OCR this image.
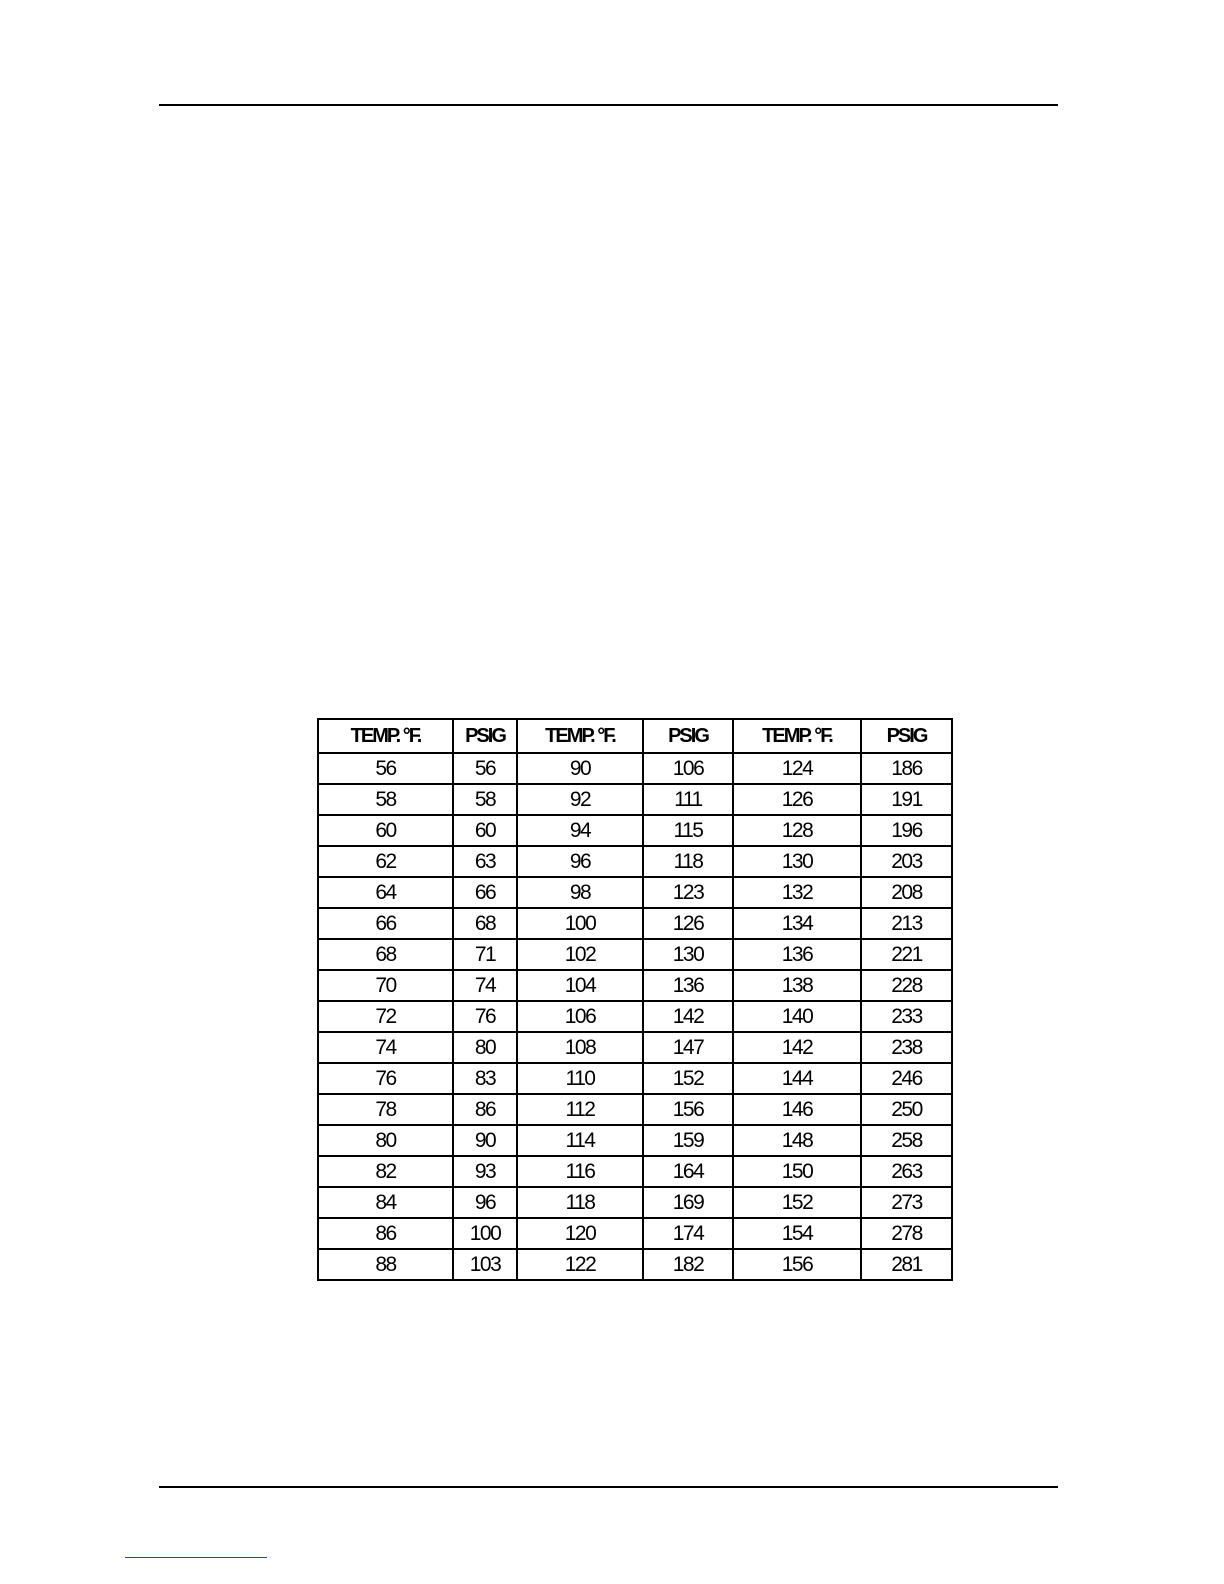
TEMP. °F.	PSIG	TEMP. °F.	PSIG	TEMP. °F.	PSIG
56	56	90	106	124	186
58	58	92	111	126	191
60	60	94	115	128	196
62	63	96	118	130	203
64	66	98	123	132	208
66	68	100	126	134	213
68	71	102	130	136	221
70	74	104	136	138	228
72	76	106	142	140	233
74	80	108	147	142	238
76	83	110	152	144	246
78	86	112	156	146	250
80	90	114	159	148	258
82	93	116	164	150	263
84	96	118	169	152	273
86	100	120	174	154	278
88	103	122	182	156	281
